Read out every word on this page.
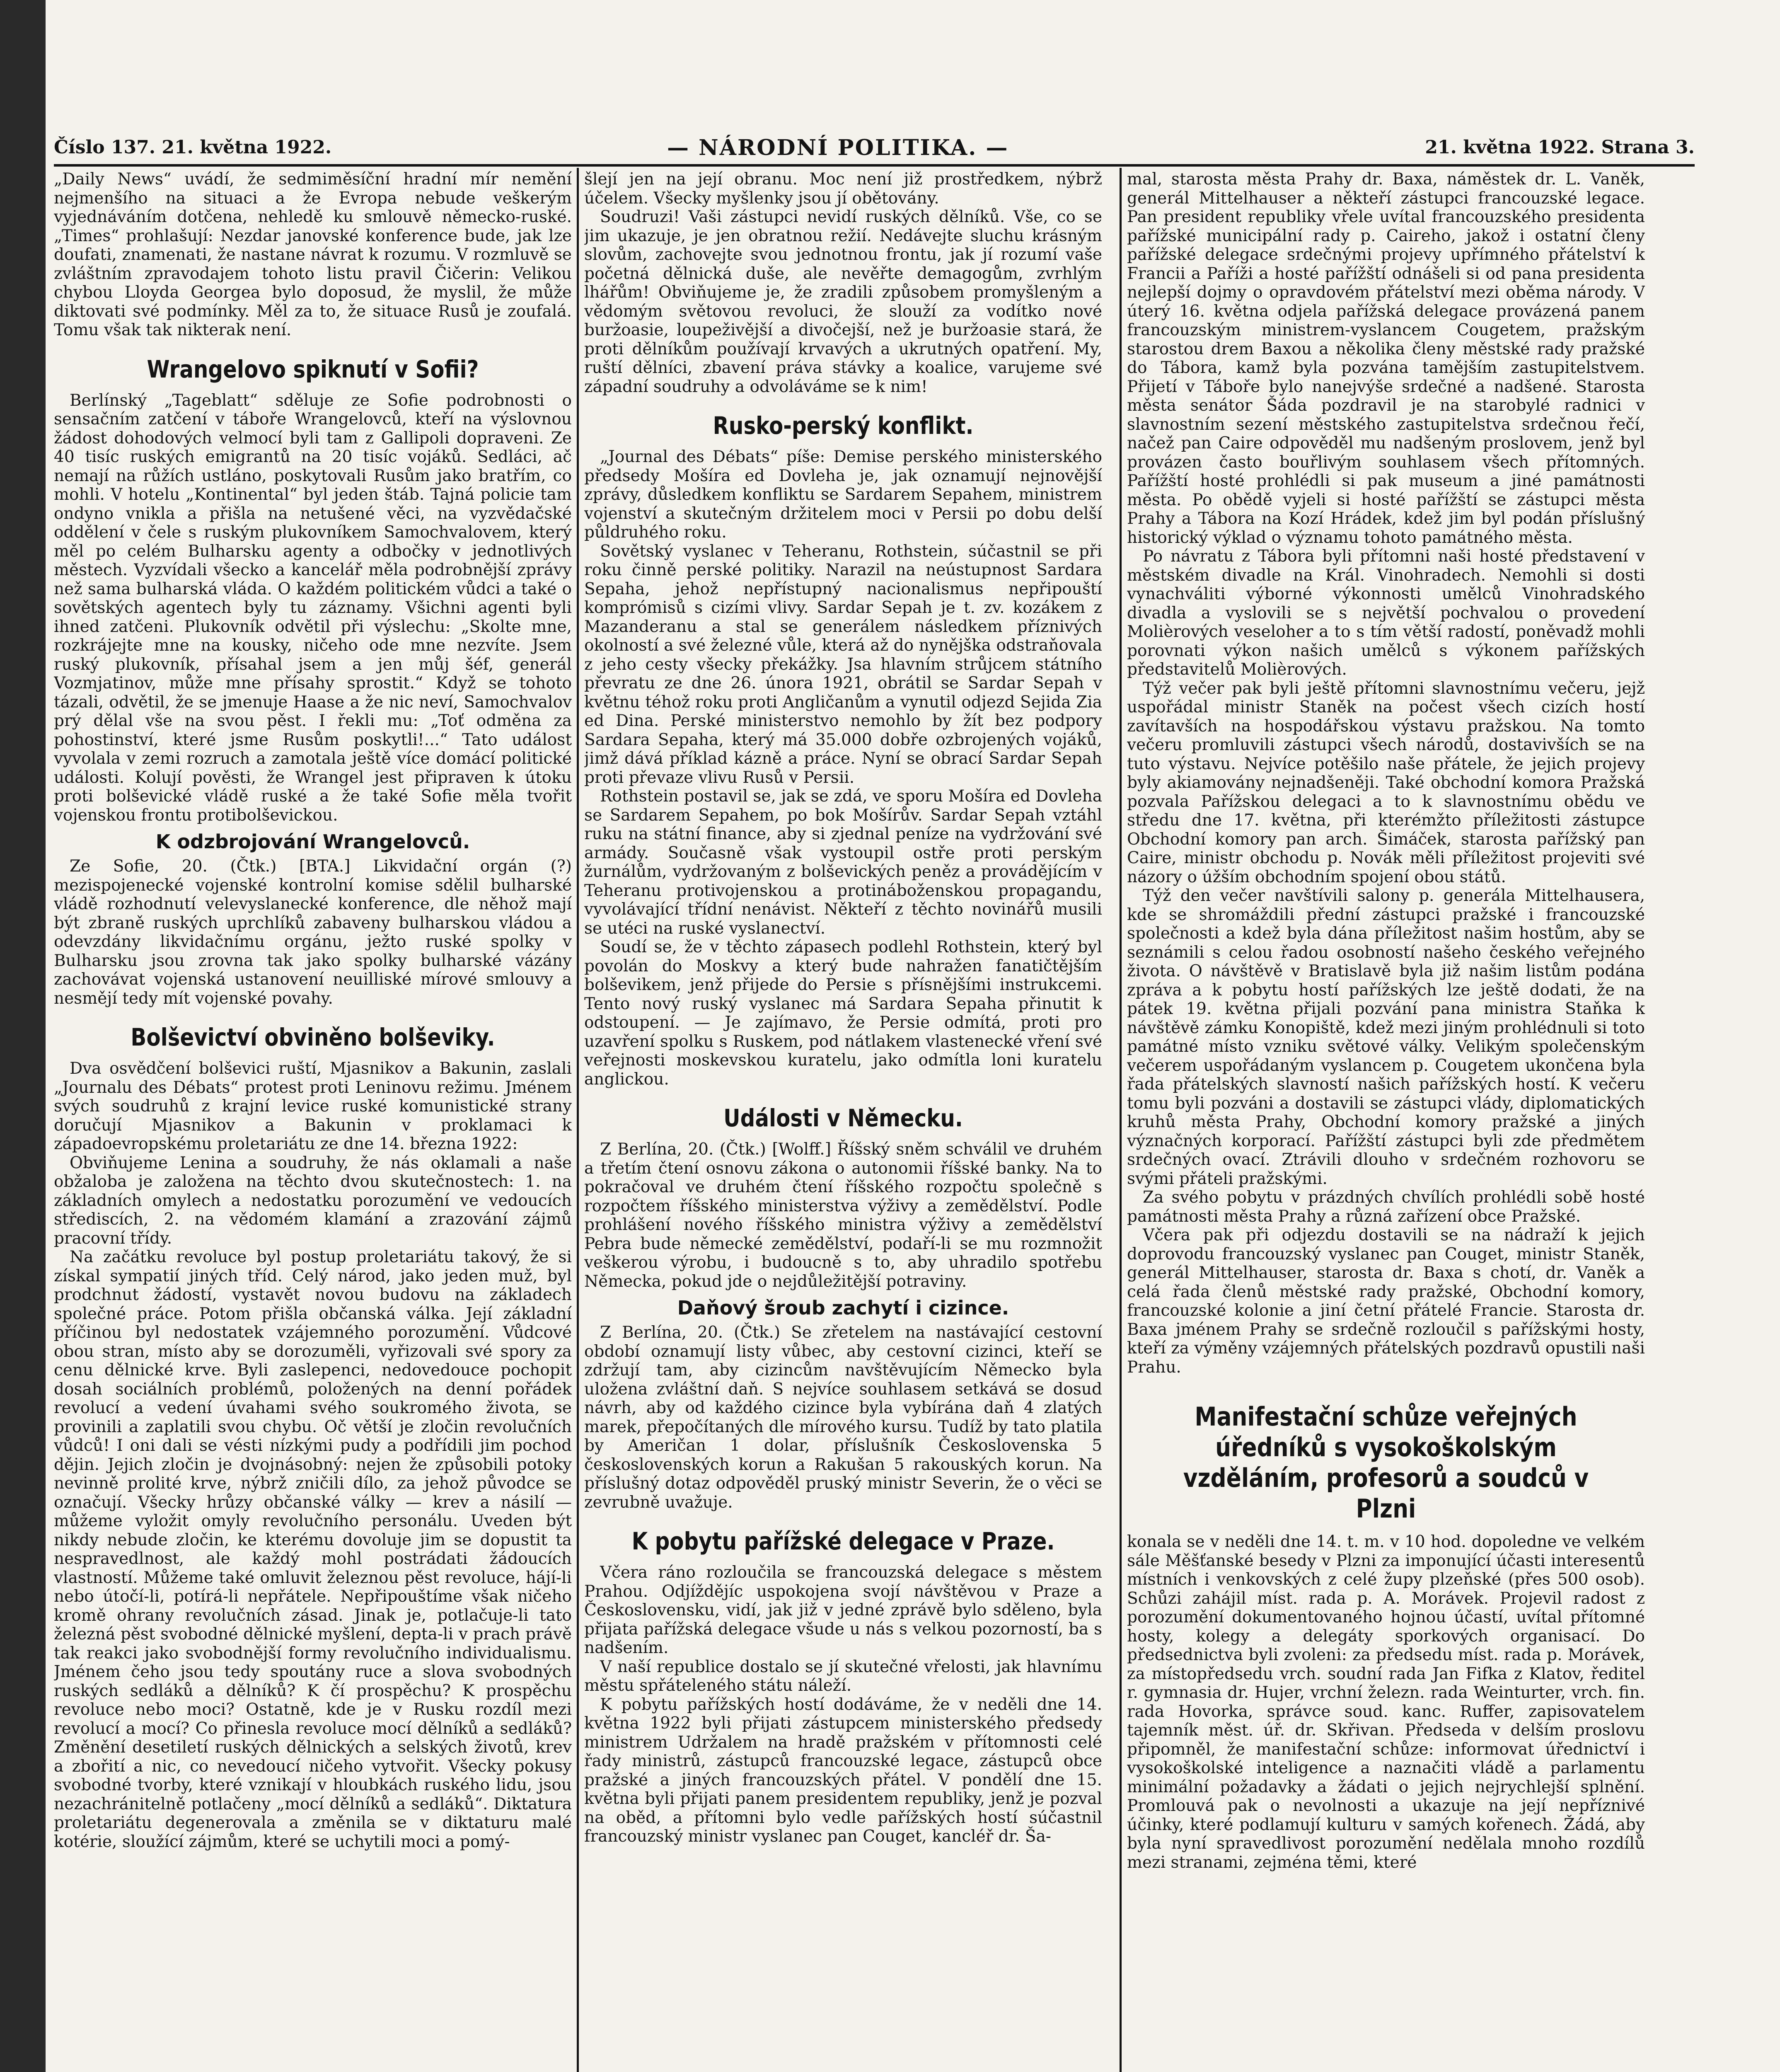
Číslo 137. 21. května 1922.	— NÁRODNÍ POLITIKA. —	21. května 1922. Strana 3.

„Daily News“ uvádí, že sedmiměsíční hradní mír nemění nejmenšího na situaci a že Evropa nebude veškerým vyjednáváním dotčena, nehledě ku smlouvě německo-ruské. „Times“ prohlašují: Nezdar janovské konference bude, jak lze doufati, znamenati, že nastane návrat k rozumu. V rozmluvě se zvláštním zpravodajem tohoto listu pravil Čičerin: Velikou chybou Lloyda Georgea bylo doposud, že myslil, že může diktovati své podmínky. Měl za to, že situace Rusů je zoufalá. Tomu však tak nikterak není.

Wrangelovo spiknutí v Sofii?

Berlínský „Tageblatt“ sděluje ze Sofie podrobnosti o sensačním zatčení v táboře Wrangelovců, kteří na výslovnou žádost dohodových velmocí byli tam z Gallipoli dopraveni. Ze 40 tisíc ruských emigrantů na 20 tisíc vojáků. Sedláci, ač nemají na růžích ustláno, poskytovali Rusům jako bratřím, co mohli. V hotelu „Kontinental“ byl jeden štáb. Tajná policie tam ondyno vnikla a přišla na netušené věci, na vyzvědačské oddělení v čele s ruským plukovníkem Samochvalovem, který měl po celém Bulharsku agenty a odbočky v jednotlivých městech. Vyzvídali všecko a kancelář měla podrobnější zprávy než sama bulharská vláda. O každém politickém vůdci a také o sovětských agentech byly tu záznamy. Všichni agenti byli ihned zatčeni. Plukovník odvětil při výslechu: „Skolte mne, rozkrájejte mne na kousky, ničeho ode mne nezvíte. Jsem ruský plukovník, přísahal jsem a jen můj šéf, generál Vozmjatinov, může mne přísahy sprostit.“ Když se tohoto tázali, odvětil, že se jmenuje Haase a že nic neví, Samochvalov prý dělal vše na svou pěst. I řekli mu: „Toť odměna za pohostinství, které jsme Rusům poskytli!...“ Tato událost vyvolala v zemi rozruch a zamotala ještě více domácí politické události. Kolují pověsti, že Wrangel jest připraven k útoku proti bolševické vládě ruské a že také Sofie měla tvořit vojenskou frontu protibolševickou.

K odzbrojování Wrangelovců.

Ze Sofie, 20. (Čtk.) [BTA.] Likvidační orgán (?) mezispojenecké vojenské kontrolní komise sdělil bulharské vládě rozhodnutí velevyslanecké konference, dle něhož mají být zbraně ruských uprchlíků zabaveny bulharskou vládou a odevzdány likvidačnímu orgánu, ježto ruské spolky v Bulharsku jsou zrovna tak jako spolky bulharské vázány zachovávat vojenská ustanovení neuilliské mírové smlouvy a nesmějí tedy mít vojenské povahy.

Bolševictví obviněno bolševiky.

Dva osvědčení bolševici ruští, Mjasnikov a Bakunin, zaslali „Journalu des Débats“ protest proti Leninovu režimu. Jménem svých soudruhů z krajní levice ruské komunistické strany doručují Mjasnikov a Bakunin v proklamaci k západoevropskému proletariátu ze dne 14. března 1922:

Obviňujeme Lenina a soudruhy, že nás oklamali a naše obžaloba je založena na těchto dvou skutečnostech: 1. na základních omylech a nedostatku porozumění ve vedoucích střediscích, 2. na vědomém klamání a zrazování zájmů pracovní třídy.

Na začátku revoluce byl postup proletariátu takový, že si získal sympatií jiných tříd. Celý národ, jako jeden muž, byl prodchnut žádostí, vystavět novou budovu na základech společné práce. Potom přišla občanská válka. Její základní příčinou byl nedostatek vzájemného porozumění. Vůdcové obou stran, místo aby se dorozuměli, vyřizovali své spory za cenu dělnické krve. Byli zaslepenci, nedovedouce pochopit dosah sociálních problémů, položených na denní pořádek revolucí a vedení úvahami svého soukromého života, se provinili a zaplatili svou chybu. Oč větší je zločin revolučních vůdců! I oni dali se vésti nízkými pudy a podřídili jim pochod dějin. Jejich zločin je dvojnásobný: nejen že způsobili potoky nevinně prolité krve, nýbrž zničili dílo, za jehož původce se označují. Všecky hrůzy občanské války — krev a násilí — můžeme vyložit omyly revolučního personálu. Uveden být nikdy nebude zločin, ke kterému dovoluje jim se dopustit ta nespravedlnost, ale každý mohl postrádati žádoucích vlastností. Můžeme také omluvit železnou pěst revoluce, hájí-li nebo útočí-li, potírá-li nepřátele. Nepřipouštíme však ničeho kromě ohrany revolučních zásad. Jinak je, potlačuje-li tato železná pěst svobodné dělnické myšlení, depta-li v prach právě tak reakci jako svobodnější formy revolučního individualismu. Jménem čeho jsou tedy spoutány ruce a slova svobodných ruských sedláků a dělníků? K čí prospěchu? K prospěchu revoluce nebo moci? Ostatně, kde je v Rusku rozdíl mezi revolucí a mocí? Co přinesla revoluce mocí dělníků a sedláků? Změnění desetiletí ruských dělnických a selských životů, krev a zbořití a nic, co nevedoucí ničeho vytvořit. Všecky pokusy svobodné tvorby, které vznikají v hloubkách ruského lidu, jsou nezachránitelně potlačeny „mocí dělníků a sedláků“. Diktatura proletariátu degenerovala a změnila se v diktaturu malé kotérie, sloužící zájmům, které se uchytili moci a pomý-

šlejí jen na její obranu. Moc není již prostředkem, nýbrž účelem. Všecky myšlenky jsou jí obětovány.

Soudruzi! Vaši zástupci nevidí ruských dělníků. Vše, co se jim ukazuje, je jen obratnou režií. Nedávejte sluchu krásným slovům, zachovejte svou jednotnou frontu, jak jí rozumí vaše početná dělnická duše, ale nevěřte demagogům, zvrhlým lhářům! Obviňujeme je, že zradili způsobem promyšleným a vědomým světovou revoluci, že slouží za vodítko nové buržoasie, loupeživější a divočejší, než je buržoasie stará, že proti dělníkům používají krvavých a ukrutných opatření. My, ruští dělníci, zbavení práva stávky a koalice, varujeme své západní soudruhy a odvoláváme se k nim!

Rusko-perský konflikt.

„Journal des Débats“ píše: Demise perského ministerského předsedy Mošíra ed Dovleha je, jak oznamují nejnovější zprávy, důsledkem konfliktu se Sardarem Sepahem, ministrem vojenství a skutečným držitelem moci v Persii po dobu delší půldruhého roku.

Sovětský vyslanec v Teheranu, Rothstein, súčastnil se při roku činně perské politiky. Narazil na neústupnost Sardara Sepaha, jehož nepřístupný nacionalismus nepřipouští komprómisů s cizími vlivy. Sardar Sepah je t. zv. kozákem z Mazanderanu a stal se generálem následkem příznivých okolností a své železné vůle, která až do nynějška odstraňovala z jeho cesty všecky překážky. Jsa hlavním strůjcem státního převratu ze dne 26. února 1921, obrátil se Sardar Sepah v květnu téhož roku proti Angličanům a vynutil odjezd Sejida Zia ed Dina. Perské ministerstvo nemohlo by žít bez podpory Sardara Sepaha, který má 35.000 dobře ozbrojených vojáků, jimž dává příklad kázně a práce. Nyní se obrací Sardar Sepah proti převaze vlivu Rusů v Persii.

Rothstein postavil se, jak se zdá, ve sporu Mošíra ed Dovleha se Sardarem Sepahem, po bok Mošírův. Sardar Sepah vztáhl ruku na státní finance, aby si zjednal peníze na vydržování své armády. Současně však vystoupil ostře proti perským žurnálům, vydržovaným z bolševických peněz a provádějícím v Teheranu protivojenskou a protináboženskou propagandu, vyvolávající třídní nenávist. Někteří z těchto novinářů musili se utéci na ruské vyslanectví.

Soudí se, že v těchto zápasech podlehl Rothstein, který byl povolán do Moskvy a který bude nahražen fanatičtějším bolševikem, jenž přijede do Persie s přísnějšími instrukcemi. Tento nový ruský vyslanec má Sardara Sepaha přinutit k odstoupení. — Je zajímavo, že Persie odmítá, proti pro uzavření spolku s Ruskem, pod nátlakem vlastenecké vření své veřejnosti moskevskou kuratelu, jako odmítla loni kuratelu anglickou.

Události v Německu.

Z Berlína, 20. (Čtk.) [Wolff.] Říšský sněm schválil ve druhém a třetím čtení osnovu zákona o autonomii říšské banky. Na to pokračoval ve druhém čtení říšského rozpočtu společně s rozpočtem říšského ministerstva výživy a zemědělství. Podle prohlášení nového říšského ministra výživy a zemědělství Pebra bude německé zemědělství, podaří-li se mu rozmnožit veškerou výrobu, i budoucně s to, aby uhradilo spotřebu Německa, pokud jde o nejdůležitější potraviny.

Daňový šroub zachytí i cizince.

Z Berlína, 20. (Čtk.) Se zřetelem na nastávající cestovní období oznamují listy vůbec, aby cestovní cizinci, kteří se zdržují tam, aby cizincům navštěvujícím Německo byla uložena zvláštní daň. S nejvíce souhlasem setkává se dosud návrh, aby od každého cizince byla vybírána daň 4 zlatých marek, přepočítaných dle mírového kursu. Tudíž by tato platila by Američan 1 dolar, příslušník Československa 5 československých korun a Rakušan 5 rakouských korun. Na příslušný dotaz odpověděl pruský ministr Severin, že o věci se zevrubně uvažuje.

K pobytu pařížské delegace v Praze.

Včera ráno rozloučila se francouzská delegace s městem Prahou. Odjíždějíc uspokojena svojí návštěvou v Praze a Československu, vidí, jak již v jedné zprávě bylo sděleno, byla přijata pařížská delegace všude u nás s velkou pozorností, ba s nadšením.

V naší republice dostalo se jí skutečné vřelosti, jak hlavnímu městu spřáteleného státu náleží.

K pobytu pařížských hostí dodáváme, že v neděli dne 14. května 1922 byli přijati zástupcem ministerského předsedy ministrem Udržalem na hradě pražském v přítomnosti celé řady ministrů, zástupců francouzské legace, zástupců obce pražské a jiných francouzských přátel. V pondělí dne 15. května byli přijati panem presidentem republiky, jenž je pozval na oběd, a přítomni bylo vedle pařížských hostí súčastnil francouzský ministr vyslanec pan Couget, kancléř dr. Ša-

mal, starosta města Prahy dr. Baxa, náměstek dr. L. Vaněk, generál Mittelhauser a někteří zástupci francouzské legace. Pan president republiky vřele uvítal francouzského presidenta pařížské municipální rady p. Caireho, jakož i ostatní členy pařížské delegace srdečnými projevy upřímného přátelství k Francii a Paříži a hosté pařížští odnášeli si od pana presidenta nejlepší dojmy o opravdovém přátelství mezi oběma národy. V úterý 16. května odjela pařížská delegace provázená panem francouzským ministrem-vyslancem Cougetem, pražským starostou drem Baxou a několika členy městské rady pražské do Tábora, kamž byla pozvána tamějším zastupitelstvem. Přijetí v Táboře bylo nanejvýše srdečné a nadšené. Starosta města senátor Šáda pozdravil je na starobylé radnici v slavnostním sezení městského zastupitelstva srdečnou řečí, načež pan Caire odpověděl mu nadšeným proslovem, jenž byl provázen často bouřlivým souhlasem všech přítomných. Pařížští hosté prohlédli si pak museum a jiné památnosti města. Po obědě vyjeli si hosté pařížští se zástupci města Prahy a Tábora na Kozí Hrádek, kdež jim byl podán příslušný historický výklad o významu tohoto památného města.

Po návratu z Tábora byli přítomni naši hosté představení v městském divadle na Král. Vinohradech. Nemohli si dosti vynachváliti výborné výkonnosti umělců Vinohradského divadla a vyslovili se s největší pochvalou o provedení Molièrových veseloher a to s tím větší radostí, poněvadž mohli porovnati výkon našich umělců s výkonem pařížských představitelů Molièrových.

Týž večer pak byli ještě přítomni slavnostnímu večeru, jejž uspořádal ministr Staněk na počest všech cizích hostí zavítavších na hospodářskou výstavu pražskou. Na tomto večeru promluvili zástupci všech národů, dostavivších se na tuto výstavu. Nejvíce potěšilo naše přátele, že jejich projevy byly akiamovány nejnadšeněji. Také obchodní komora Pražská pozvala Pařížskou delegaci a to k slavnostnímu obědu ve středu dne 17. května, při kterémžto příležitosti zástupce Obchodní komory pan arch. Šimáček, starosta pařížský pan Caire, ministr obchodu p. Novák měli příležitost projeviti své názory o úžším obchodním spojení obou států.

Týž den večer navštívili salony p. generála Mittelhausera, kde se shromáždili přední zástupci pražské i francouzské společnosti a kdež byla dána příležitost našim hostům, aby se seznámili s celou řadou osobností našeho českého veřejného života. O návštěvě v Bratislavě byla již našim listům podána zpráva a k pobytu hostí pařížských lze ještě dodati, že na pátek 19. května přijali pozvání pana ministra Staňka k návštěvě zámku Konopiště, kdež mezi jiným prohlédnuli si toto památné místo vzniku světové války. Velikým společenským večerem uspořádaným vyslancem p. Cougetem ukončena byla řada přátelských slavností našich pařížských hostí. K večeru tomu byli pozváni a dostavili se zástupci vlády, diplomatických kruhů města Prahy, Obchodní komory pražské a jiných význačných korporací. Pařížští zástupci byli zde předmětem srdečných ovací. Ztrávili dlouho v srdečném rozhovoru se svými přáteli pražskými.

Za svého pobytu v prázdných chvílích prohlédli sobě hosté památnosti města Prahy a různá zařízení obce Pražské.

Včera pak při odjezdu dostavili se na nádraží k jejich doprovodu francouzský vyslanec pan Couget, ministr Staněk, generál Mittelhauser, starosta dr. Baxa s chotí, dr. Vaněk a celá řada členů městské rady pražské, Obchodní komory, francouzské kolonie a jiní četní přátelé Francie. Starosta dr. Baxa jménem Prahy se srdečně rozloučil s pařížskými hosty, kteří za výměny vzájemných přátelských pozdravů opustili naši Prahu.

Manifestační schůze veřejných úředníků s vysokoškolským vzděláním, profesorů a soudců v Plzni

konala se v neděli dne 14. t. m. v 10 hod. dopoledne ve velkém sále Měšťanské besedy v Plzni za imponující účasti interesentů místních i venkovských z celé župy plzeňské (přes 500 osob). Schůzi zahájil míst. rada p. A. Morávek. Projevil radost z porozumění dokumentovaného hojnou účastí, uvítal přítomné hosty, kolegy a delegáty sporkových organisací. Do předsednictva byli zvoleni: za předsedu míst. rada p. Morávek, za místopředsedu vrch. soudní rada Jan Fifka z Klatov, ředitel r. gymnasia dr. Hujer, vrchní železn. rada Weinturter, vrch. fin. rada Hovorka, správce soud. kanc. Ruffer, zapisovatelem tajemník měst. úř. dr. Skřivan. Předseda v delším proslovu připomněl, že manifestační schůze: informovat úřednictví i vysokoškolské inteligence a naznačiti vládě a parlamentu minimální požadavky a žádati o jejich nejrychlejší splnění. Promlouvá pak o nevolnosti a ukazuje na její nepříznivé účinky, které podlamují kulturu v samých kořenech. Žádá, aby byla nyní spravedlivost porozumění nedělala mnoho rozdílů mezi stranami, zejména těmi, které
